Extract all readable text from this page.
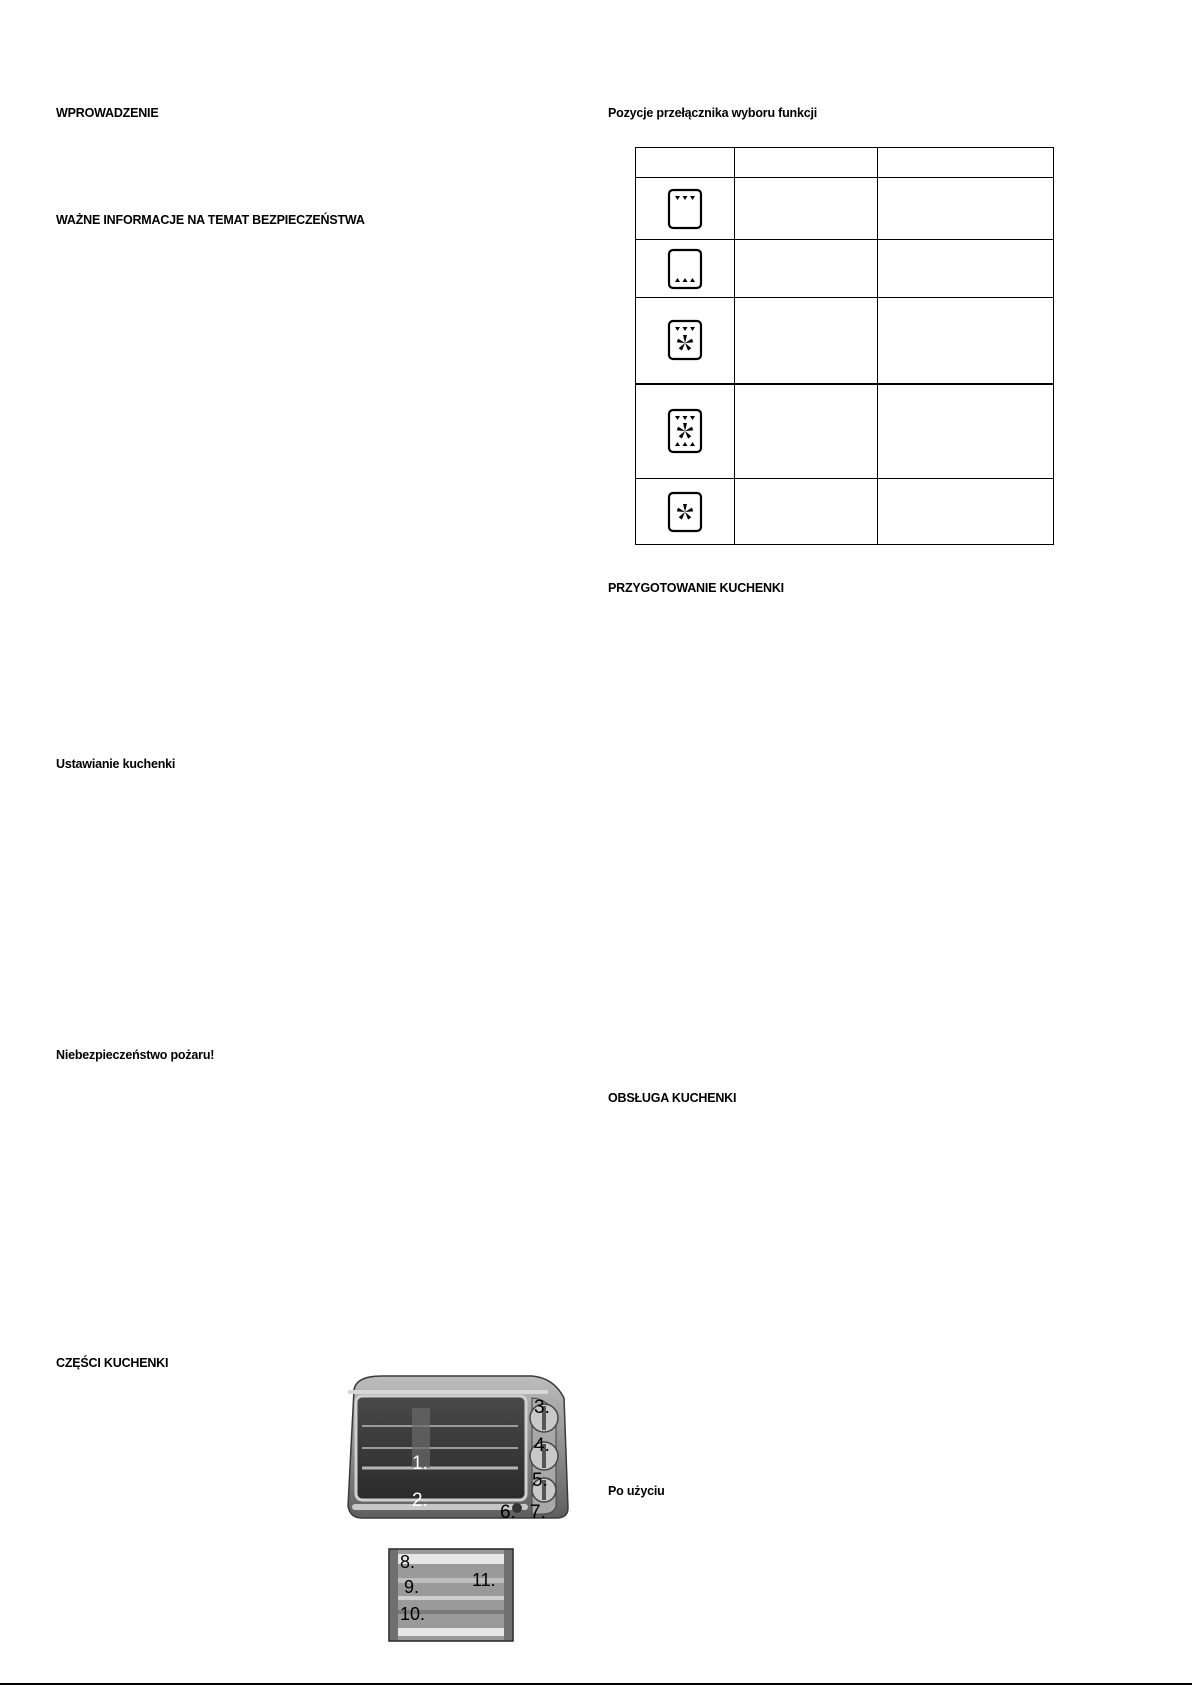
WPROWADZENIE
WAŻNE INFORMACJE NA TEMAT BEZPIECZEŃSTWA
Ustawianie kuchenki
Niebezpieczeństwo pożaru!
CZĘŚCI KUCHENKI
Pozycje przełącznika wyboru funkcji
PRZYGOTOWANIE KUCHENKI
OBSŁUGA KUCHENKI
Po użyciu

1.
2.
3.
4.
5.
6. 7.
8.
9.
10.
11.
